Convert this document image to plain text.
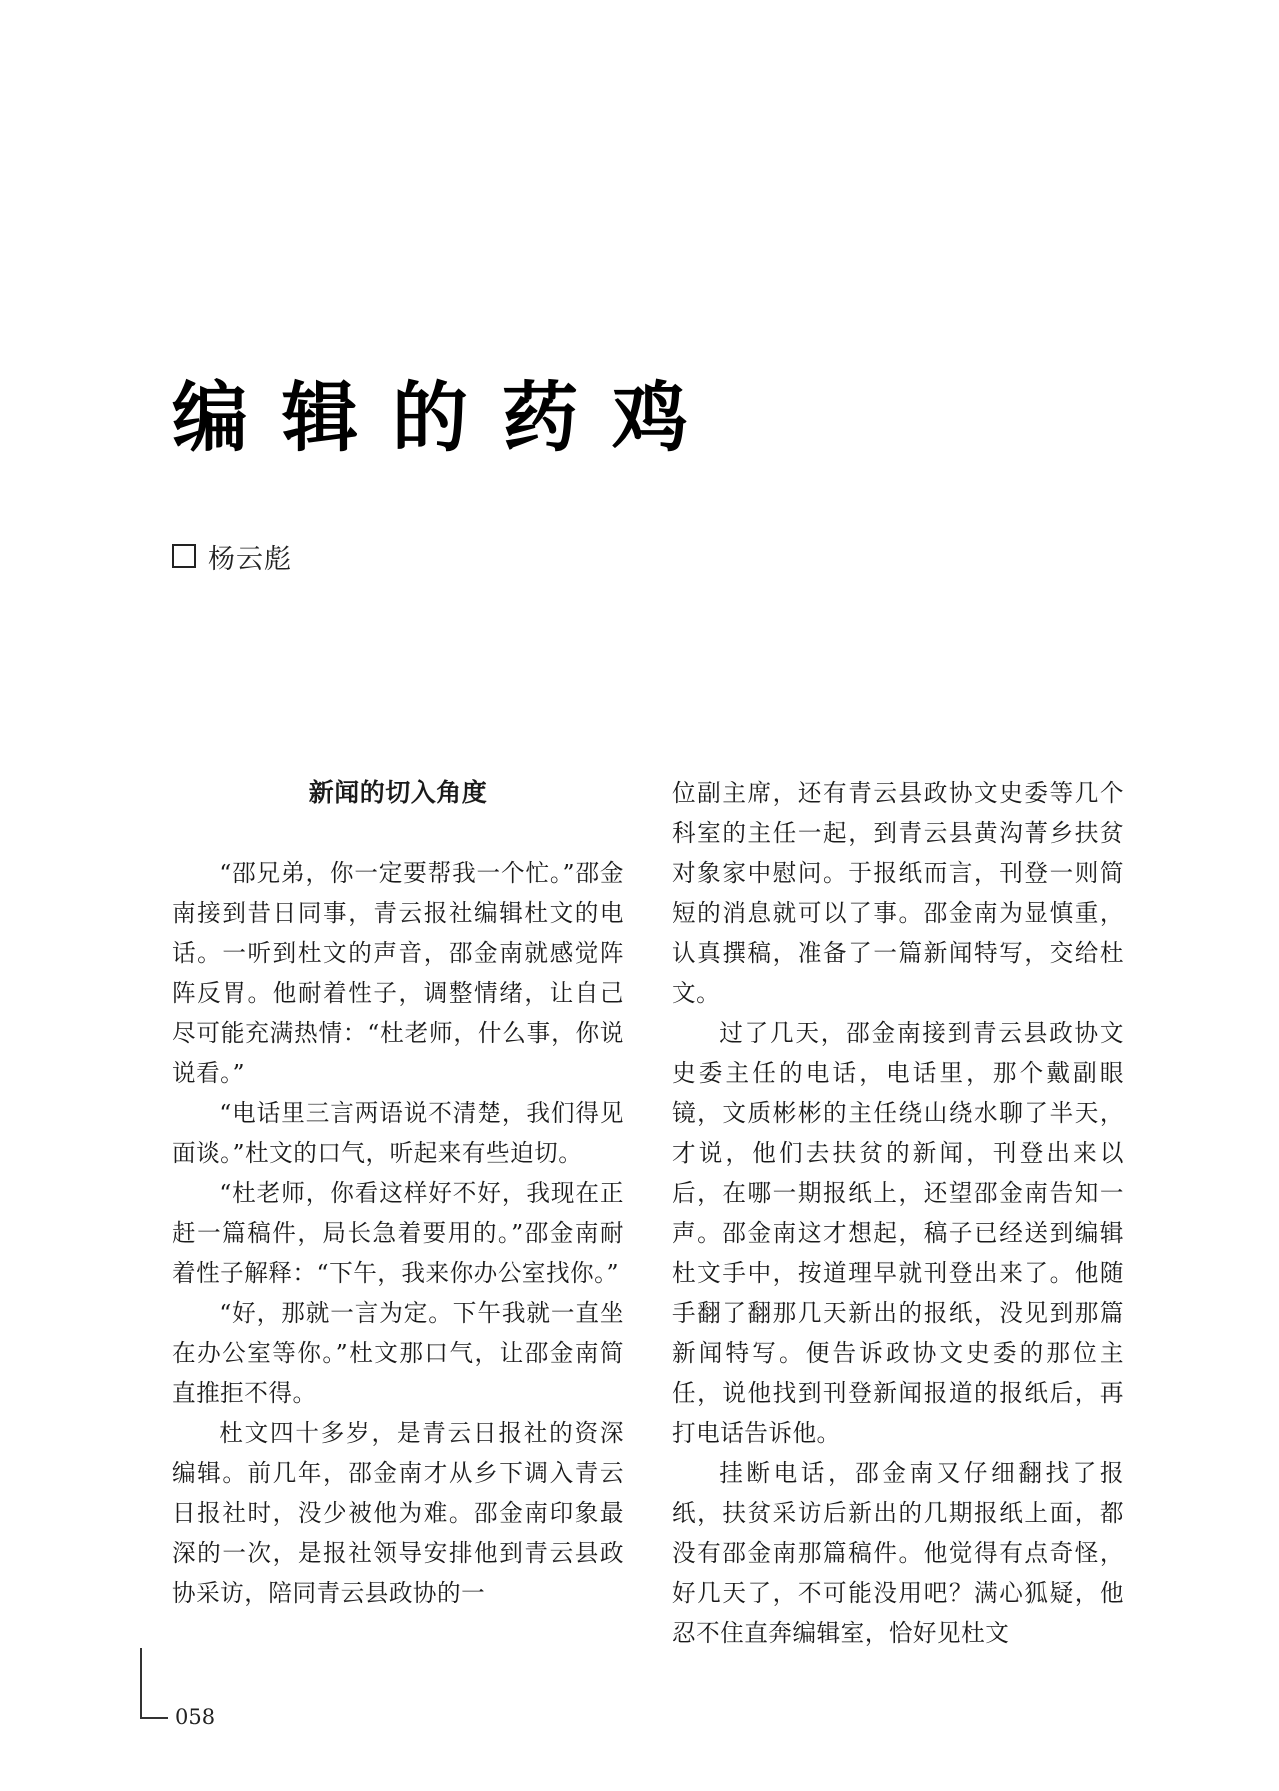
编辑的药鸡
杨云彪
新闻的切入角度

“邵兄弟，你一定要帮我一个忙。”邵金南接到昔日同事，青云报社编辑杜文的电话。一听到杜文的声音，邵金南就感觉阵阵反胃。他耐着性子，调整情绪，让自己尽可能充满热情：“杜老师，什么事，你说说看。”

“电话里三言两语说不清楚，我们得见面谈。”杜文的口气，听起来有些迫切。

“杜老师，你看这样好不好，我现在正赶一篇稿件，局长急着要用的。”邵金南耐着性子解释：“下午，我来你办公室找你。”

“好，那就一言为定。下午我就一直坐在办公室等你。”杜文那口气，让邵金南简直推拒不得。

杜文四十多岁，是青云日报社的资深编辑。前几年，邵金南才从乡下调入青云日报社时，没少被他为难。邵金南印象最深的一次，是报社领导安排他到青云县政协采访，陪同青云县政协的一

位副主席，还有青云县政协文史委等几个科室的主任一起，到青云县黄沟菁乡扶贫对象家中慰问。于报纸而言，刊登一则简短的消息就可以了事。邵金南为显慎重，认真撰稿，准备了一篇新闻特写，交给杜文。

过了几天，邵金南接到青云县政协文史委主任的电话，电话里，那个戴副眼镜，文质彬彬的主任绕山绕水聊了半天，才说，他们去扶贫的新闻，刊登出来以后，在哪一期报纸上，还望邵金南告知一声。邵金南这才想起，稿子已经送到编辑杜文手中，按道理早就刊登出来了。他随手翻了翻那几天新出的报纸，没见到那篇新闻特写。便告诉政协文史委的那位主任，说他找到刊登新闻报道的报纸后，再打电话告诉他。

挂断电话，邵金南又仔细翻找了报纸，扶贫采访后新出的几期报纸上面，都没有邵金南那篇稿件。他觉得有点奇怪，好几天了，不可能没用吧？满心狐疑，他忍不住直奔编辑室，恰好见杜文

058
